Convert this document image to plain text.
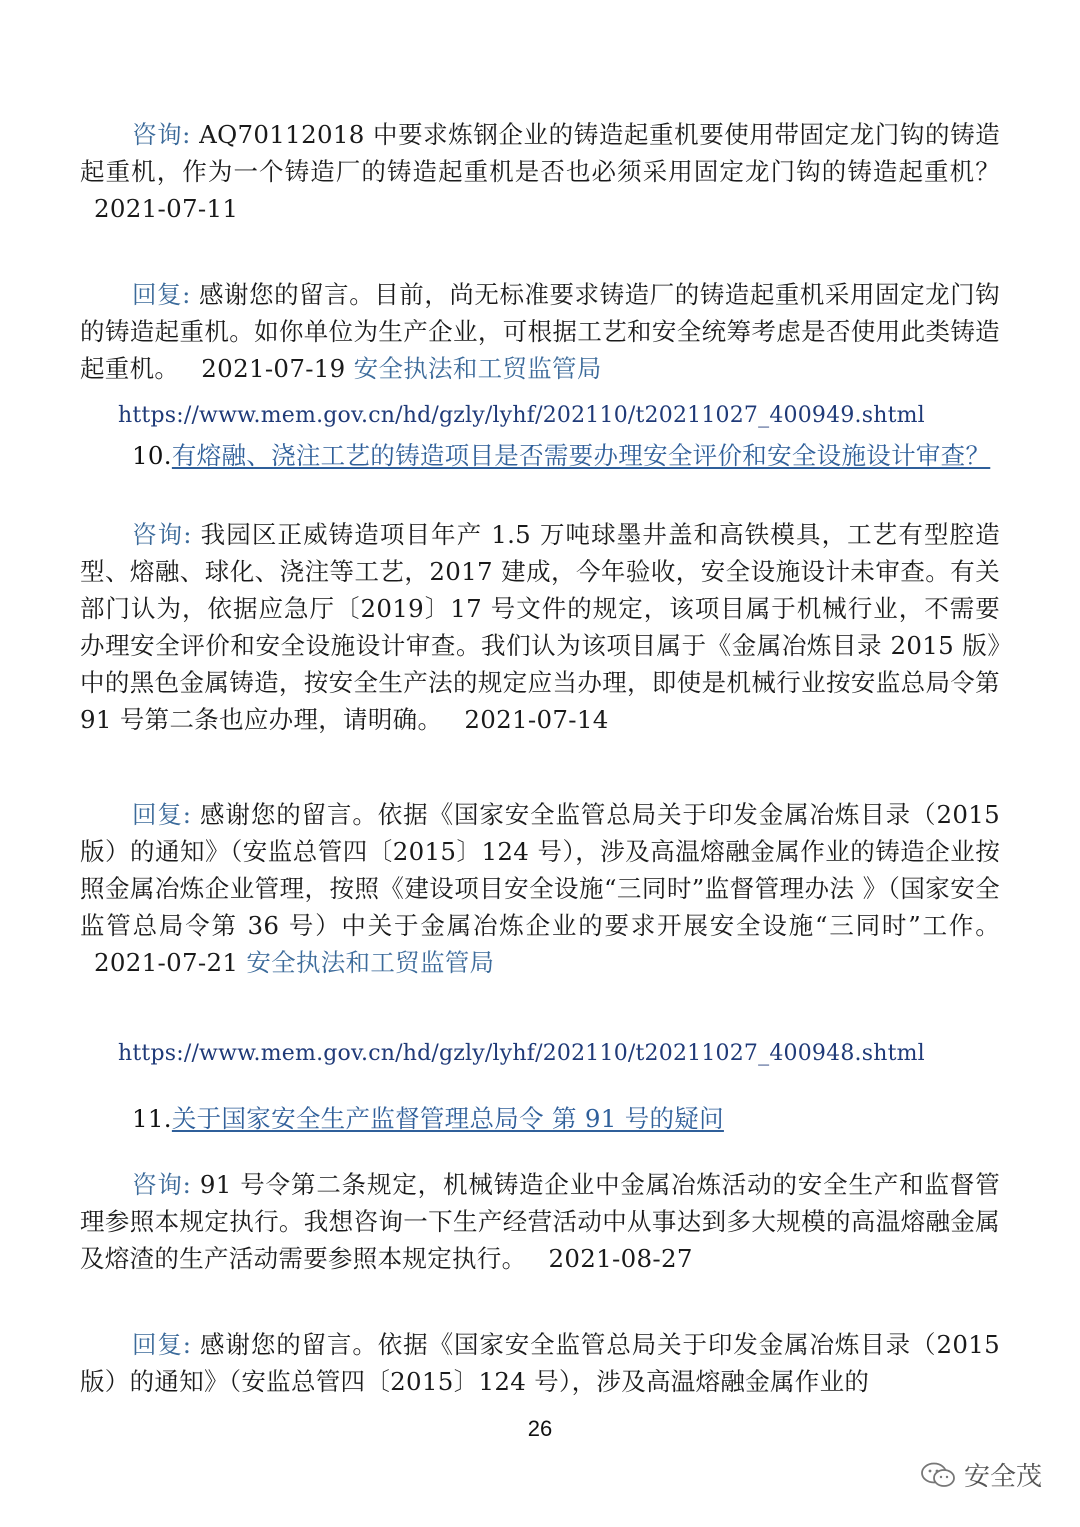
咨询: AQ70112018 中要求炼钢企业的铸造起重机要使用带固定龙门钩的铸造起重机，作为一个铸造厂的铸造起重机是否也必须采用固定龙门钩的铸造起重机？ 2021-07-11
回复: 感谢您的留言。目前，尚无标准要求铸造厂的铸造起重机采用固定龙门钩的铸造起重机。如你单位为生产企业，可根据工艺和安全统筹考虑是否使用此类铸造起重机。 2021-07-19 安全执法和工贸监管局
https://www.mem.gov.cn/hd/gzly/lyhf/202110/t20211027_400949.shtml
10.有熔融、浇注工艺的铸造项目是否需要办理安全评价和安全设施设计审查？
咨询: 我园区正威铸造项目年产 1.5 万吨球墨井盖和高铁模具，工艺有型腔造型、熔融、球化、浇注等工艺，2017 建成，今年验收，安全设施设计未审查。有关部门认为，依据应急厅〔2019〕17 号文件的规定，该项目属于机械行业，不需要办理安全评价和安全设施设计审查。我们认为该项目属于《金属冶炼目录 2015 版》中的黑色金属铸造，按安全生产法的规定应当办理，即使是机械行业按安监总局令第 91 号第二条也应办理，请明确。 2021-07-14
回复: 感谢您的留言。依据《国家安全监管总局关于印发金属冶炼目录（2015 版）的通知》（安监总管四〔2015〕124 号），涉及高温熔融金属作业的铸造企业按照金属冶炼企业管理，按照《建设项目安全设施“三同时”监督管理办法 》（国家安全监管总局令第 36 号）中关于金属冶炼企业的要求开展安全设施“三同时”工作。 2021-07-21 安全执法和工贸监管局
https://www.mem.gov.cn/hd/gzly/lyhf/202110/t20211027_400948.shtml
11.关于国家安全生产监督管理总局令 第 91 号的疑问
咨询: 91 号令第二条规定，机械铸造企业中金属冶炼活动的安全生产和监督管理参照本规定执行。我想咨询一下生产经营活动中从事达到多大规模的高温熔融金属及熔渣的生产活动需要参照本规定执行。 2021-08-27
回复: 感谢您的留言。依据《国家安全监管总局关于印发金属冶炼目录（2015 版）的通知》（安监总管四〔2015〕124 号），涉及高温熔融金属作业的
26
安全茂
